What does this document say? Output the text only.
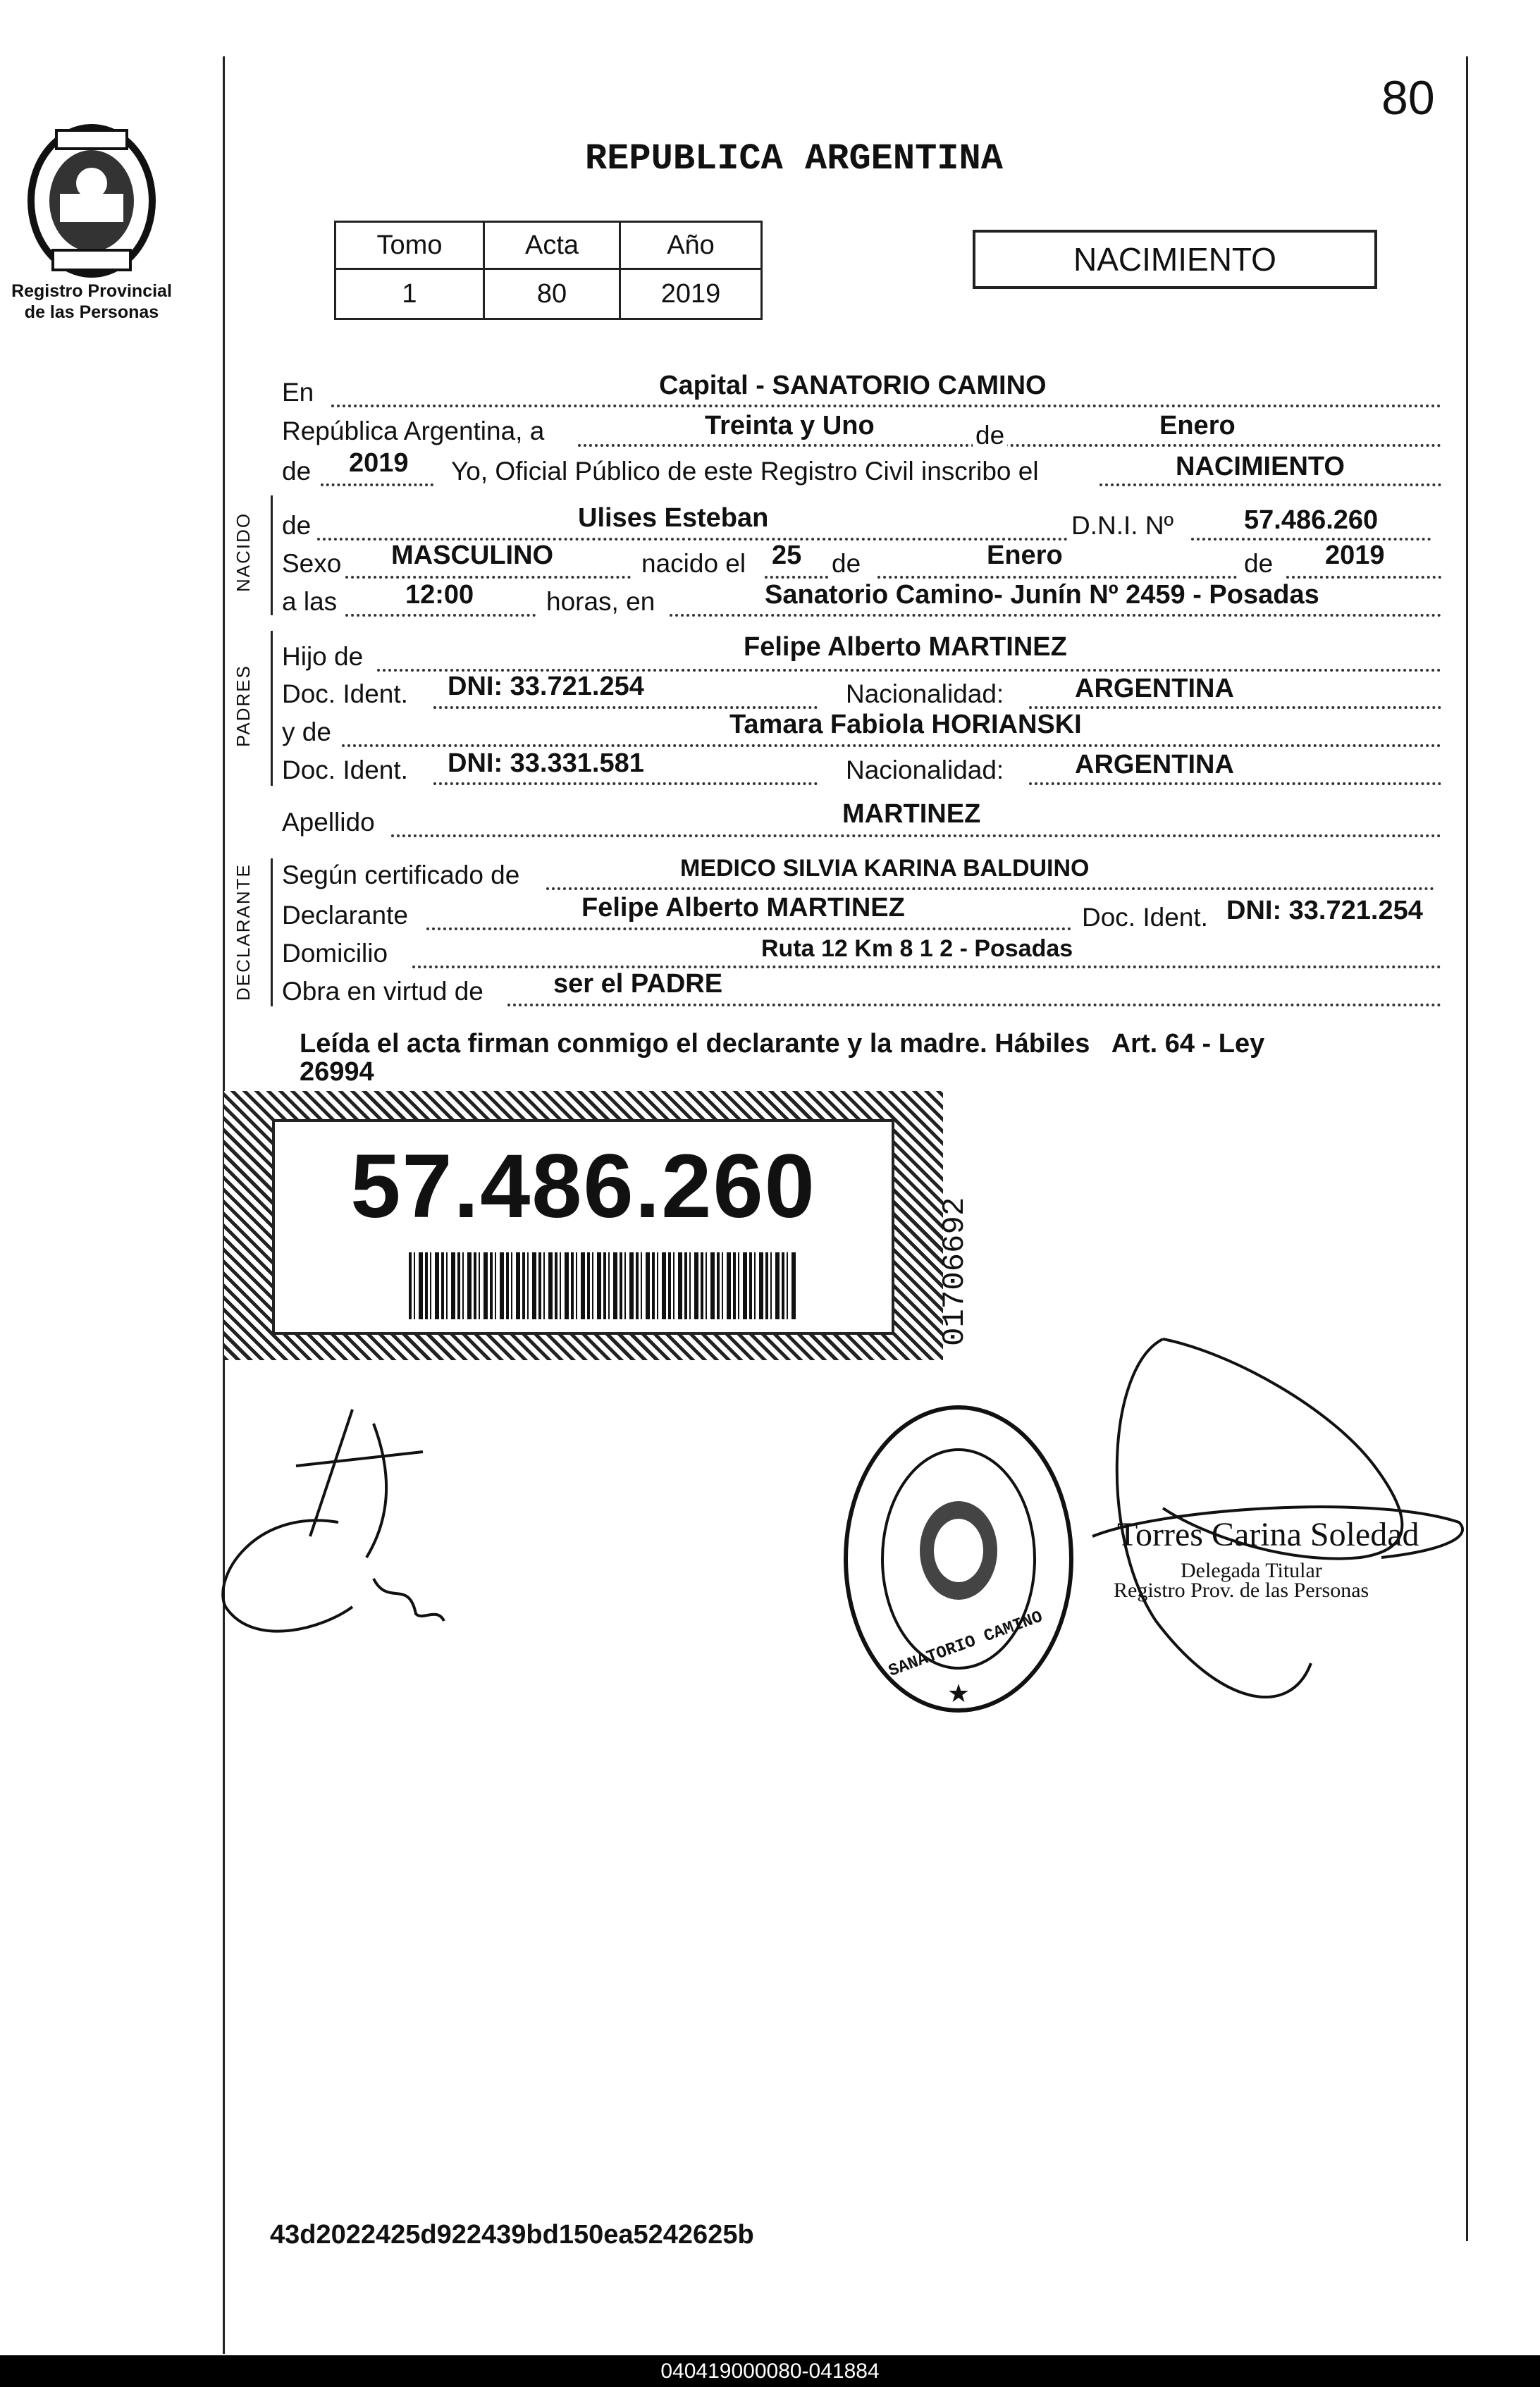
Registro Provincial
de las Personas
80
REPUBLICA ARGENTINA
Tomo	Acta	Año
1	80	2019
NACIMIENTO
En	Capital - SANATORIO CAMINO
República Argentina, a	Treinta y Uno	de	Enero
de 2019 Yo, Oficial Público de este Registro Civil inscribo el	NACIMIENTO
NACIDO de	Ulises Esteban	D.N.I. Nº	57.486.260
Sexo MASCULINO	nacido el 25 de	Enero	de 2019
a las	12:00	horas, en	Sanatorio Camino- Junín Nº 2459 - Posadas
PADRES
Hijo de	Felipe Alberto MARTINEZ
Doc. Ident. DNI: 33.721.254	Nacionalidad:	ARGENTINA
y de	Tamara Fabiola HORIANSKI
Doc. Ident. DNI: 33.331.581	Nacionalidad:	ARGENTINA
Apellido	MARTINEZ
DECLARANTE Según certificado de	MEDICO SILVIA KARINA BALDUINO
Declarante	Felipe Alberto MARTINEZ	Doc. Ident. DNI: 33.721.254
Domicilio	Ruta 12 Km 8 1 2 - Posadas
Obra en virtud de	ser el PADRE
Leída el acta firman conmigo el declarante y la madre. Hábiles   Art. 64 - Ley
26994
57.486.260
01706692
★
SANATORIO CAMINO
Torres Carina Soledad
Delegada Titular
Registro Prov. de las Personas
43d2022425d922439bd150ea5242625b
040419000080-041884
